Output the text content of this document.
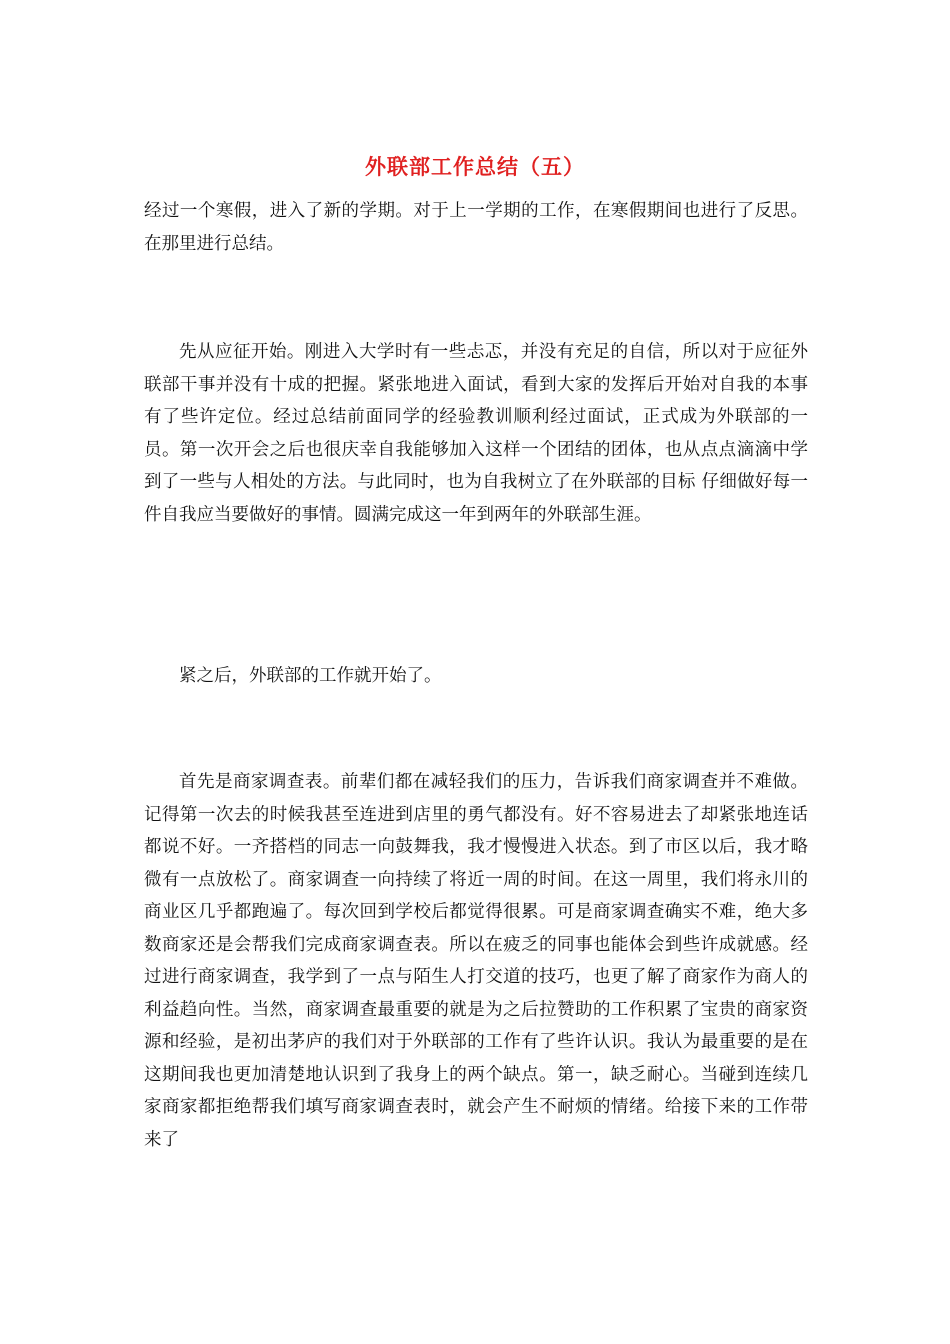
外联部工作总结（五）

经过一个寒假，进入了新的学期。对于上一学期的工作，在寒假期间也进行了反思。在那里进行总结。

先从应征开始。刚进入大学时有一些忐忑，并没有充足的自信，所以对于应征外联部干事并没有十成的把握。紧张地进入面试，看到大家的发挥后开始对自我的本事有了些许定位。经过总结前面同学的经验教训顺利经过面试，正式成为外联部的一员。第一次开会之后也很庆幸自我能够加入这样一个团结的团体，也从点点滴滴中学到了一些与人相处的方法。与此同时，也为自我树立了在外联部的目标 仔细做好每一件自我应当要做好的事情。圆满完成这一年到两年的外联部生涯。

紧之后，外联部的工作就开始了。

首先是商家调查表。前辈们都在减轻我们的压力，告诉我们商家调查并不难做。记得第一次去的时候我甚至连进到店里的勇气都没有。好不容易进去了却紧张地连话都说不好。一齐搭档的同志一向鼓舞我，我才慢慢进入状态。到了市区以后，我才略微有一点放松了。商家调查一向持续了将近一周的时间。在这一周里，我们将永川的商业区几乎都跑遍了。每次回到学校后都觉得很累。可是商家调查确实不难，绝大多数商家还是会帮我们完成商家调查表。所以在疲乏的同事也能体会到些许成就感。经过进行商家调查，我学到了一点与陌生人打交道的技巧，也更了解了商家作为商人的利益趋向性。当然，商家调查最重要的就是为之后拉赞助的工作积累了宝贵的商家资源和经验，是初出茅庐的我们对于外联部的工作有了些许认识。我认为最重要的是在这期间我也更加清楚地认识到了我身上的两个缺点。第一，缺乏耐心。当碰到连续几家商家都拒绝帮我们填写商家调查表时，就会产生不耐烦的情绪。给接下来的工作带来了
